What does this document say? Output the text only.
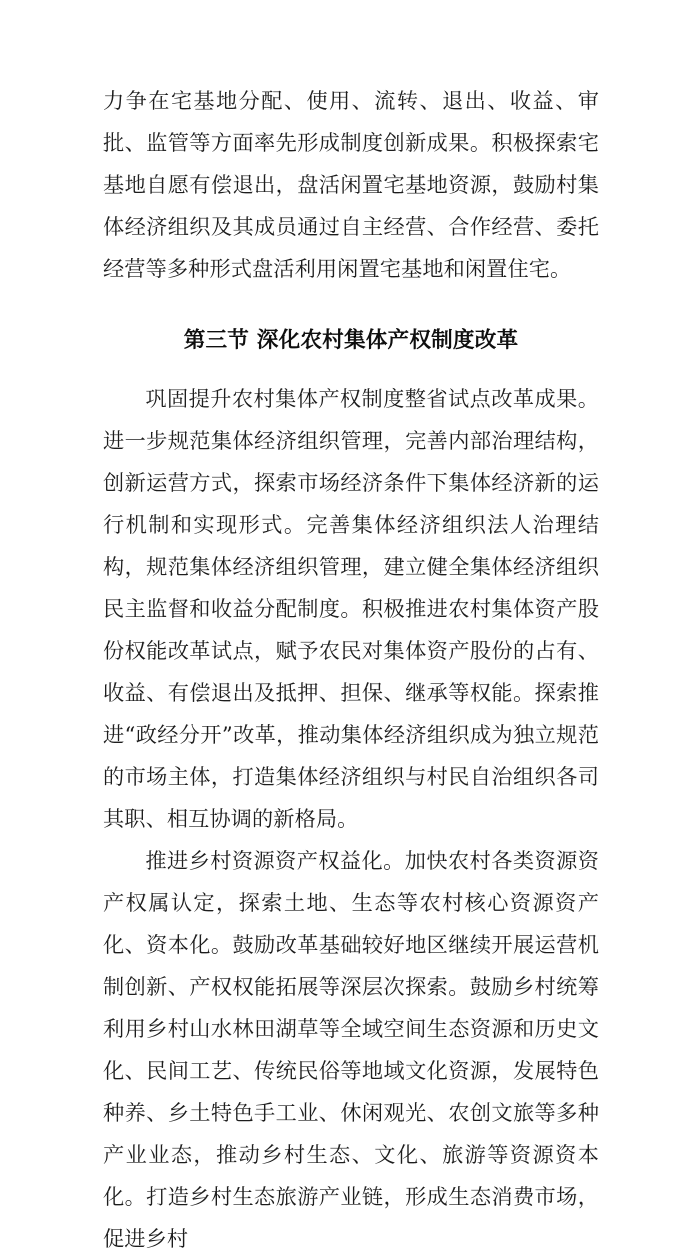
力争在宅基地分配、使用、流转、退出、收益、审批、监管等方面率先形成制度创新成果。积极探索宅基地自愿有偿退出，盘活闲置宅基地资源，鼓励村集体经济组织及其成员通过自主经营、合作经营、委托经营等多种形式盘活利用闲置宅基地和闲置住宅。

第三节 深化农村集体产权制度改革

巩固提升农村集体产权制度整省试点改革成果。进一步规范集体经济组织管理，完善内部治理结构，创新运营方式，探索市场经济条件下集体经济新的运行机制和实现形式。完善集体经济组织法人治理结构，规范集体经济组织管理，建立健全集体经济组织民主监督和收益分配制度。积极推进农村集体资产股份权能改革试点，赋予农民对集体资产股份的占有、收益、有偿退出及抵押、担保、继承等权能。探索推进“政经分开”改革，推动集体经济组织成为独立规范的市场主体，打造集体经济组织与村民自治组织各司其职、相互协调的新格局。

推进乡村资源资产权益化。加快农村各类资源资产权属认定，探索土地、生态等农村核心资源资产化、资本化。鼓励改革基础较好地区继续开展运营机制创新、产权权能拓展等深层次探索。鼓励乡村统筹利用乡村山水林田湖草等全域空间生态资源和历史文化、民间工艺、传统民俗等地域文化资源，发展特色种养、乡土特色手工业、休闲观光、农创文旅等多种产业业态，推动乡村生态、文化、旅游等资源资本化。打造乡村生态旅游产业链，形成生态消费市场，促进乡村
